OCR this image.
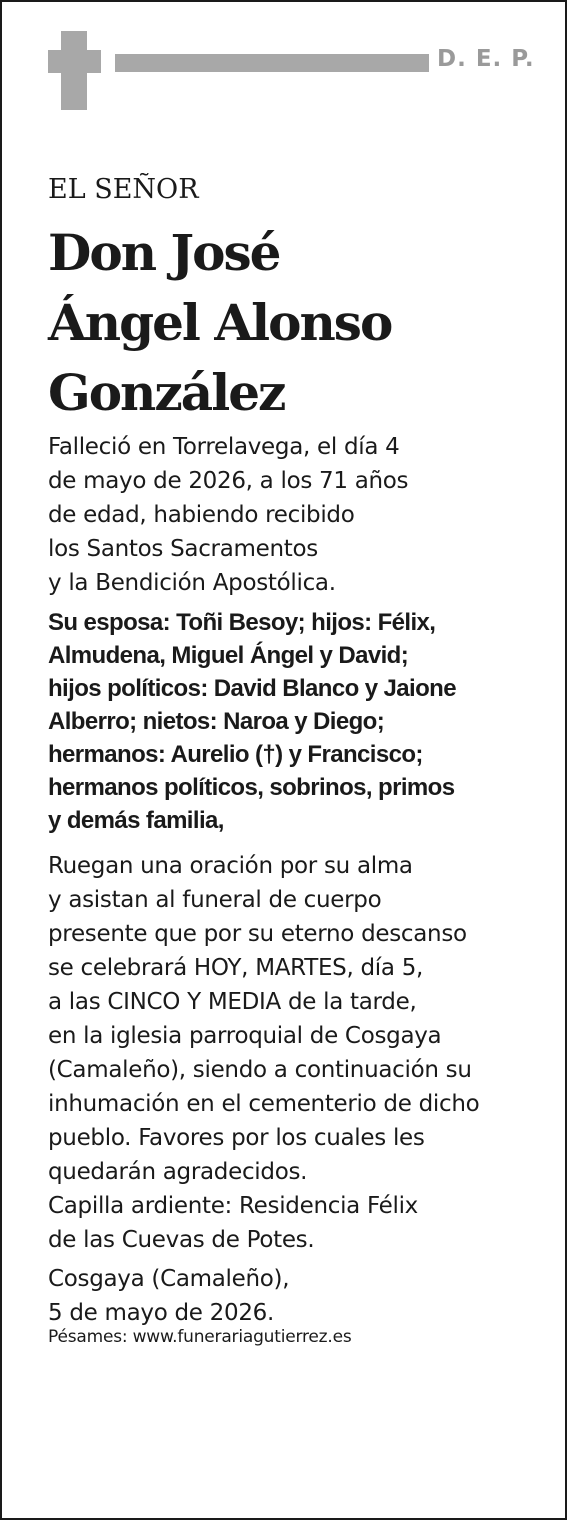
D. E. P.
EL SEÑOR
Don José
Ángel Alonso
González
Falleció en Torrelavega, el día 4
de mayo de 2026, a los 71 años
de edad, habiendo recibido
los Santos Sacramentos
y la Bendición Apostólica.
Su esposa: Toñi Besoy; hijos: Félix,
Almudena, Miguel Ángel y David;
hijos políticos: David Blanco y Jaione
Alberro; nietos: Naroa y Diego;
hermanos: Aurelio (†) y Francisco;
hermanos políticos, sobrinos, primos
y demás familia,
Ruegan una oración por su alma
y asistan al funeral de cuerpo
presente que por su eterno descanso
se celebrará HOY, MARTES, día 5,
a las CINCO Y MEDIA de la tarde,
en la iglesia parroquial de Cosgaya
(Camaleño), siendo a continuación su
inhumación en el cementerio de dicho
pueblo. Favores por los cuales les
quedarán agradecidos.
Capilla ardiente: Residencia Félix
de las Cuevas de Potes.
Cosgaya (Camaleño),
5 de mayo de 2026.
Pésames: www.funerariagutierrez.es
